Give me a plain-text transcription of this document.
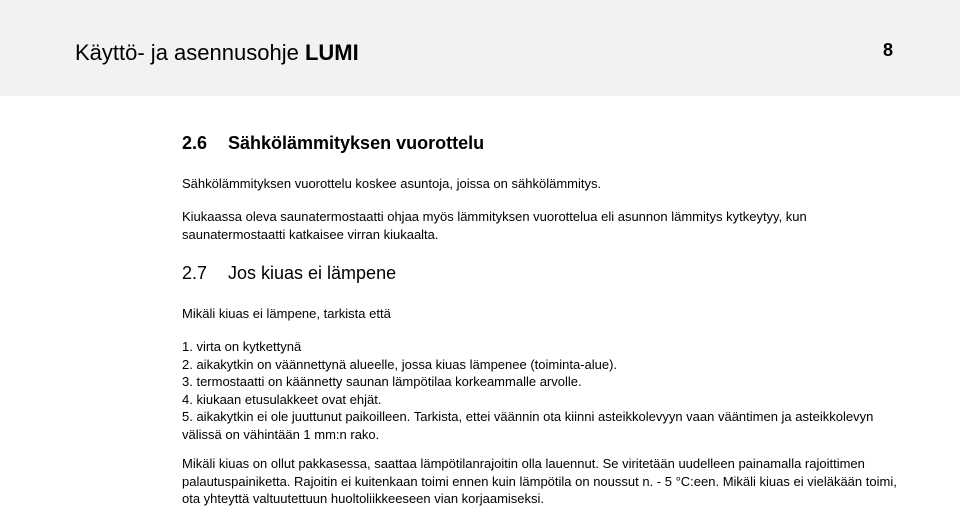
Käyttö- ja asennusohje LUMI	8
2.6 Sähkölämmityksen vuorottelu
Sähkölämmityksen vuorottelu koskee asuntoja, joissa on sähkölämmitys.
Kiukaassa oleva saunatermostaatti ohjaa myös lämmityksen vuorottelua eli asunnon lämmitys kytkeytyy, kun saunatermostaatti katkaisee virran kiukaalta.
2.7 Jos kiuas ei lämpene
Mikäli kiuas ei lämpene, tarkista että
1. virta on kytkettynä
2. aikakytkin on väännettynä alueelle, jossa kiuas lämpenee (toiminta-alue).
3. termostaatti on käännetty saunan lämpötilaa korkeammalle arvolle.
4. kiukaan etusulakkeet ovat ehjät.
5. aikakytkin ei ole juuttunut paikoilleen. Tarkista, ettei väännin ota kiinni asteikkolevyyn vaan vääntimen ja asteikkolevyn välissä on vähintään 1 mm:n rako.
Mikäli kiuas on ollut pakkasessa, saattaa lämpötilanrajoitin olla lauennut. Se viritetään uudelleen painamalla rajoittimen palautuspainiketta. Rajoitin ei kuitenkaan toimi ennen kuin lämpötila on noussut n. - 5 °C:een. Mikäli kiuas ei vieläkään toimi, ota yhteyttä valtuutettuun huoltoliikkeeseen vian korjaamiseksi.
